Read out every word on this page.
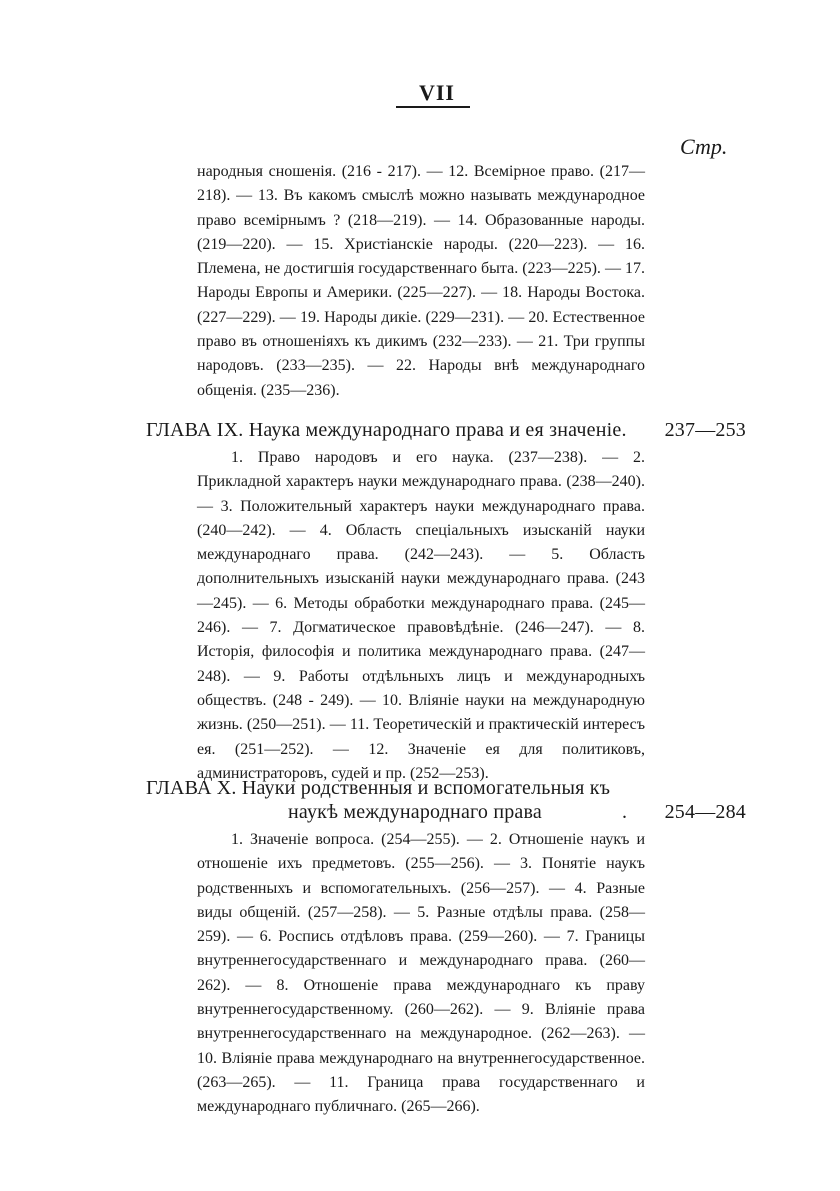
VII
Стр.

народныя сношенія. (216 - 217). — 12. Всемірное право. (217—218). — 13. Въ какомъ смыслѣ можно называть международное право всемірнымъ ? (218—219). — 14. Образованные народы. (219—220). — 15. Христіанскіе народы. (220—223). — 16. Племена, не достигшія государственнаго быта. (223—225). — 17. Народы Европы и Америки. (225—227). — 18. Народы Востока. (227—229). — 19. Народы дикіе. (229—231). — 20. Естественное право въ отношеніяхъ къ дикимъ (232—233). — 21. Три группы народовъ. (233—235). — 22. Народы внѣ международнаго общенія. (235—236).

ГЛАВА IX. Наука международнаго права и ея значеніе. 237—253

1. Право народовъ и его наука. (237—238). — 2. Прикладной характеръ науки международнаго права. (238—240). — 3. Положительный характеръ науки международнаго права. (240—242). — 4. Область спеціальныхъ изысканій науки международнаго права. (242—243). — 5. Область дополнительныхъ изысканій науки международнаго права. (243—245). — 6. Методы обработки международнаго права. (245—246). — 7. Догматическое правовѣдѣніе. (246—247). — 8. Исторія, философія и политика международнаго права. (247—248). — 9. Работы отдѣльныхъ лицъ и международныхъ обществъ. (248 - 249). — 10. Вліяніе науки на международную жизнь. (250—251). — 11. Теоретическій и практическій интересъ ея. (251—252). — 12. Значеніе ея для политиковъ, администраторовъ, судей и пр. (252—253).

ГЛАВА X. Науки родственныя и вспомогательныя къ
наукѣ международнаго права	. 254—284

1. Значеніе вопроса. (254—255). — 2. Отношеніе наукъ и отношеніе ихъ предметовъ. (255—256). — 3. Понятіе наукъ родственныхъ и вспомогательныхъ. (256—257). — 4. Разные виды общеній. (257—258). — 5. Разные отдѣлы права. (258—259). — 6. Роспись отдѣловъ права. (259—260). — 7. Границы внутреннегосударственнаго и международнаго права. (260—262). — 8. Отношеніе права международнаго къ праву внутреннегосударственному. (260—262). — 9. Вліяніе права внутреннегосударственнаго на международное. (262—263). — 10. Вліяніе права международнаго на внутреннегосударственное. (263—265). — 11. Граница права государственнаго и международнаго публичнаго. (265—266).
